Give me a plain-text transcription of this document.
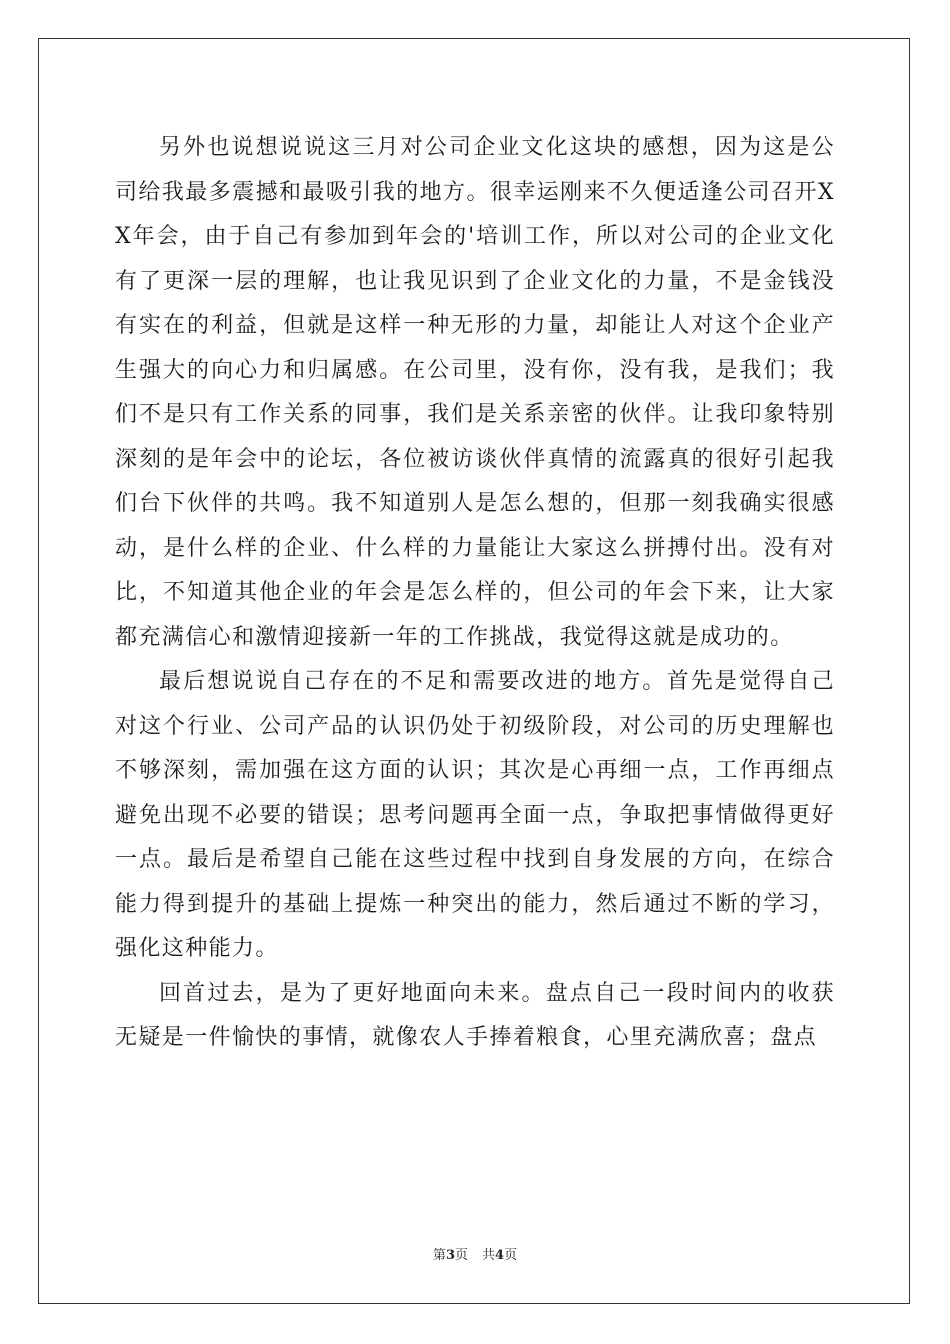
另外也说想说说这三月对公司企业文化这块的感想，因为这是公司给我最多震撼和最吸引我的地方。很幸运刚来不久便适逢公司召开XX年会，由于自己有参加到年会的'培训工作，所以对公司的企业文化有了更深一层的理解，也让我见识到了企业文化的力量，不是金钱没有实在的利益，但就是这样一种无形的力量，却能让人对这个企业产生强大的向心力和归属感。在公司里，没有你，没有我，是我们；我们不是只有工作关系的同事，我们是关系亲密的伙伴。让我印象特别深刻的是年会中的论坛，各位被访谈伙伴真情的流露真的很好引起我们台下伙伴的共鸣。我不知道别人是怎么想的，但那一刻我确实很感动，是什么样的企业、什么样的力量能让大家这么拼搏付出。没有对比，不知道其他企业的年会是怎么样的，但公司的年会下来，让大家都充满信心和激情迎接新一年的工作挑战，我觉得这就是成功的。

最后想说说自己存在的不足和需要改进的地方。首先是觉得自己对这个行业、公司产品的认识仍处于初级阶段，对公司的历史理解也不够深刻，需加强在这方面的认识；其次是心再细一点，工作再细点避免出现不必要的错误；思考问题再全面一点，争取把事情做得更好一点。最后是希望自己能在这些过程中找到自身发展的方向，在综合能力得到提升的基础上提炼一种突出的能力，然后通过不断的学习，强化这种能力。

回首过去，是为了更好地面向未来。盘点自己一段时间内的收获无疑是一件愉快的事情，就像农人手捧着粮食，心里充满欣喜；盘点

第3页 共4页
